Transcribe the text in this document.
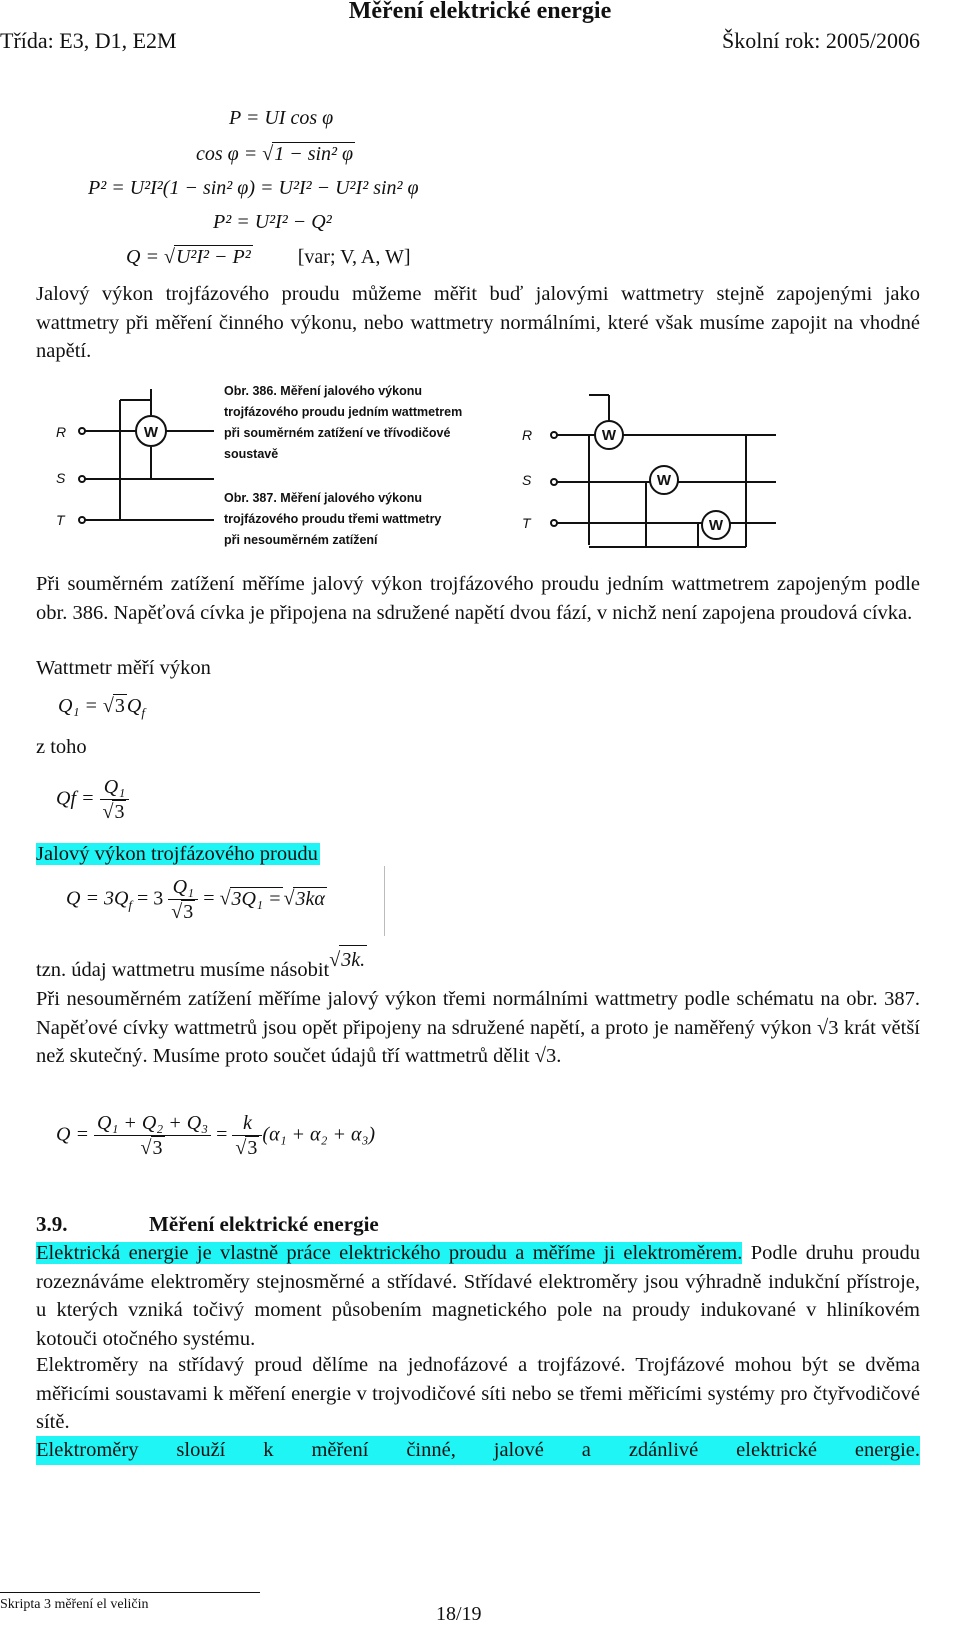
Měření elektrické energie
Třída: E3, D1, E2M	Školní rok: 2005/2006
P = UI cos φ
cos φ = √1 − sin² φ
P² = U²I²(1 − sin² φ) = U²I² − U²I² sin² φ
P² = U²I² − Q²
Q = √U²I² − P² [var; V, A, W]
Jalový výkon trojfázového proudu můžeme měřit buď jalovými wattmetry stejně zapojenými jako wattmetry při měření činného výkonu, nebo wattmetry normálními, které však musíme zapojit na vhodné napětí.
R
S
T
R
S
T
W	W
W
W
Obr. 386. Měření jalového výkonu
trojfázového proudu jedním wattmetrem
při souměrném zatížení ve třívodičové
soustavě
Obr. 387. Měření jalového výkonu
trojfázového proudu třemi wattmetry
při nesouměrném zatížení
Při souměrném zatížení měříme jalový výkon trojfázového proudu jedním wattmetrem zapojeným podle obr. 386. Napěťová cívka je připojena na sdružené napětí dvou fází, v nichž není zapojena proudová cívka.
Wattmetr měří výkon
Q₁ = √3 $Q_f$
z toho
$Qf = \frac{\text{Q₁}}{√3}$
Jalový výkon trojfázového proudu
$Q = 3Q_f = 3 \frac{\text{Q₁}}{√3} = √3Q_1 =√3k\alpha$
tzn. údaj wattmetru musíme násobit√3k.
Při nesouměrném zatížení měříme jalový výkon třemi normálními wattmetry podle schématu na obr. 387. Napěťové cívky wattmetrů jsou opět připojeny na sdružené napětí, a proto je naměřený výkon √3 krát větší než skutečný. Musíme proto součet údajů tří wattmetrů dělit √3.
$Q = \frac{\text{Q₁ + Q₂ + Q₃}}{√3} = \frac{k}{√3} (\alpha_1 + \alpha_2 + \alpha_3)$
3.9.	Měření elektrické energie
Elektrická energie je vlastně práce elektrického proudu a měříme ji elektroměrem. Podle druhu proudu rozeznáváme elektroměry stejnosměrné a střídavé. Střídavé elektroměry jsou výhradně indukční přístroje, u kterých vzniká točivý moment působením magnetického pole na proudy indukované v hliníkovém kotouči otočného systému.
Elektroměry na střídavý proud dělíme na jednofázové a trojfázové. Trojfázové mohou být se dvěma měřicími soustavami k měření energie v trojvodičové síti nebo se třemi měřicími systémy pro čtyřvodičové sítě.
Elektroměry slouží k měření činné, jalové a zdánlivé elektrické energie.
Skripta 3 měření el veličin	18/19
